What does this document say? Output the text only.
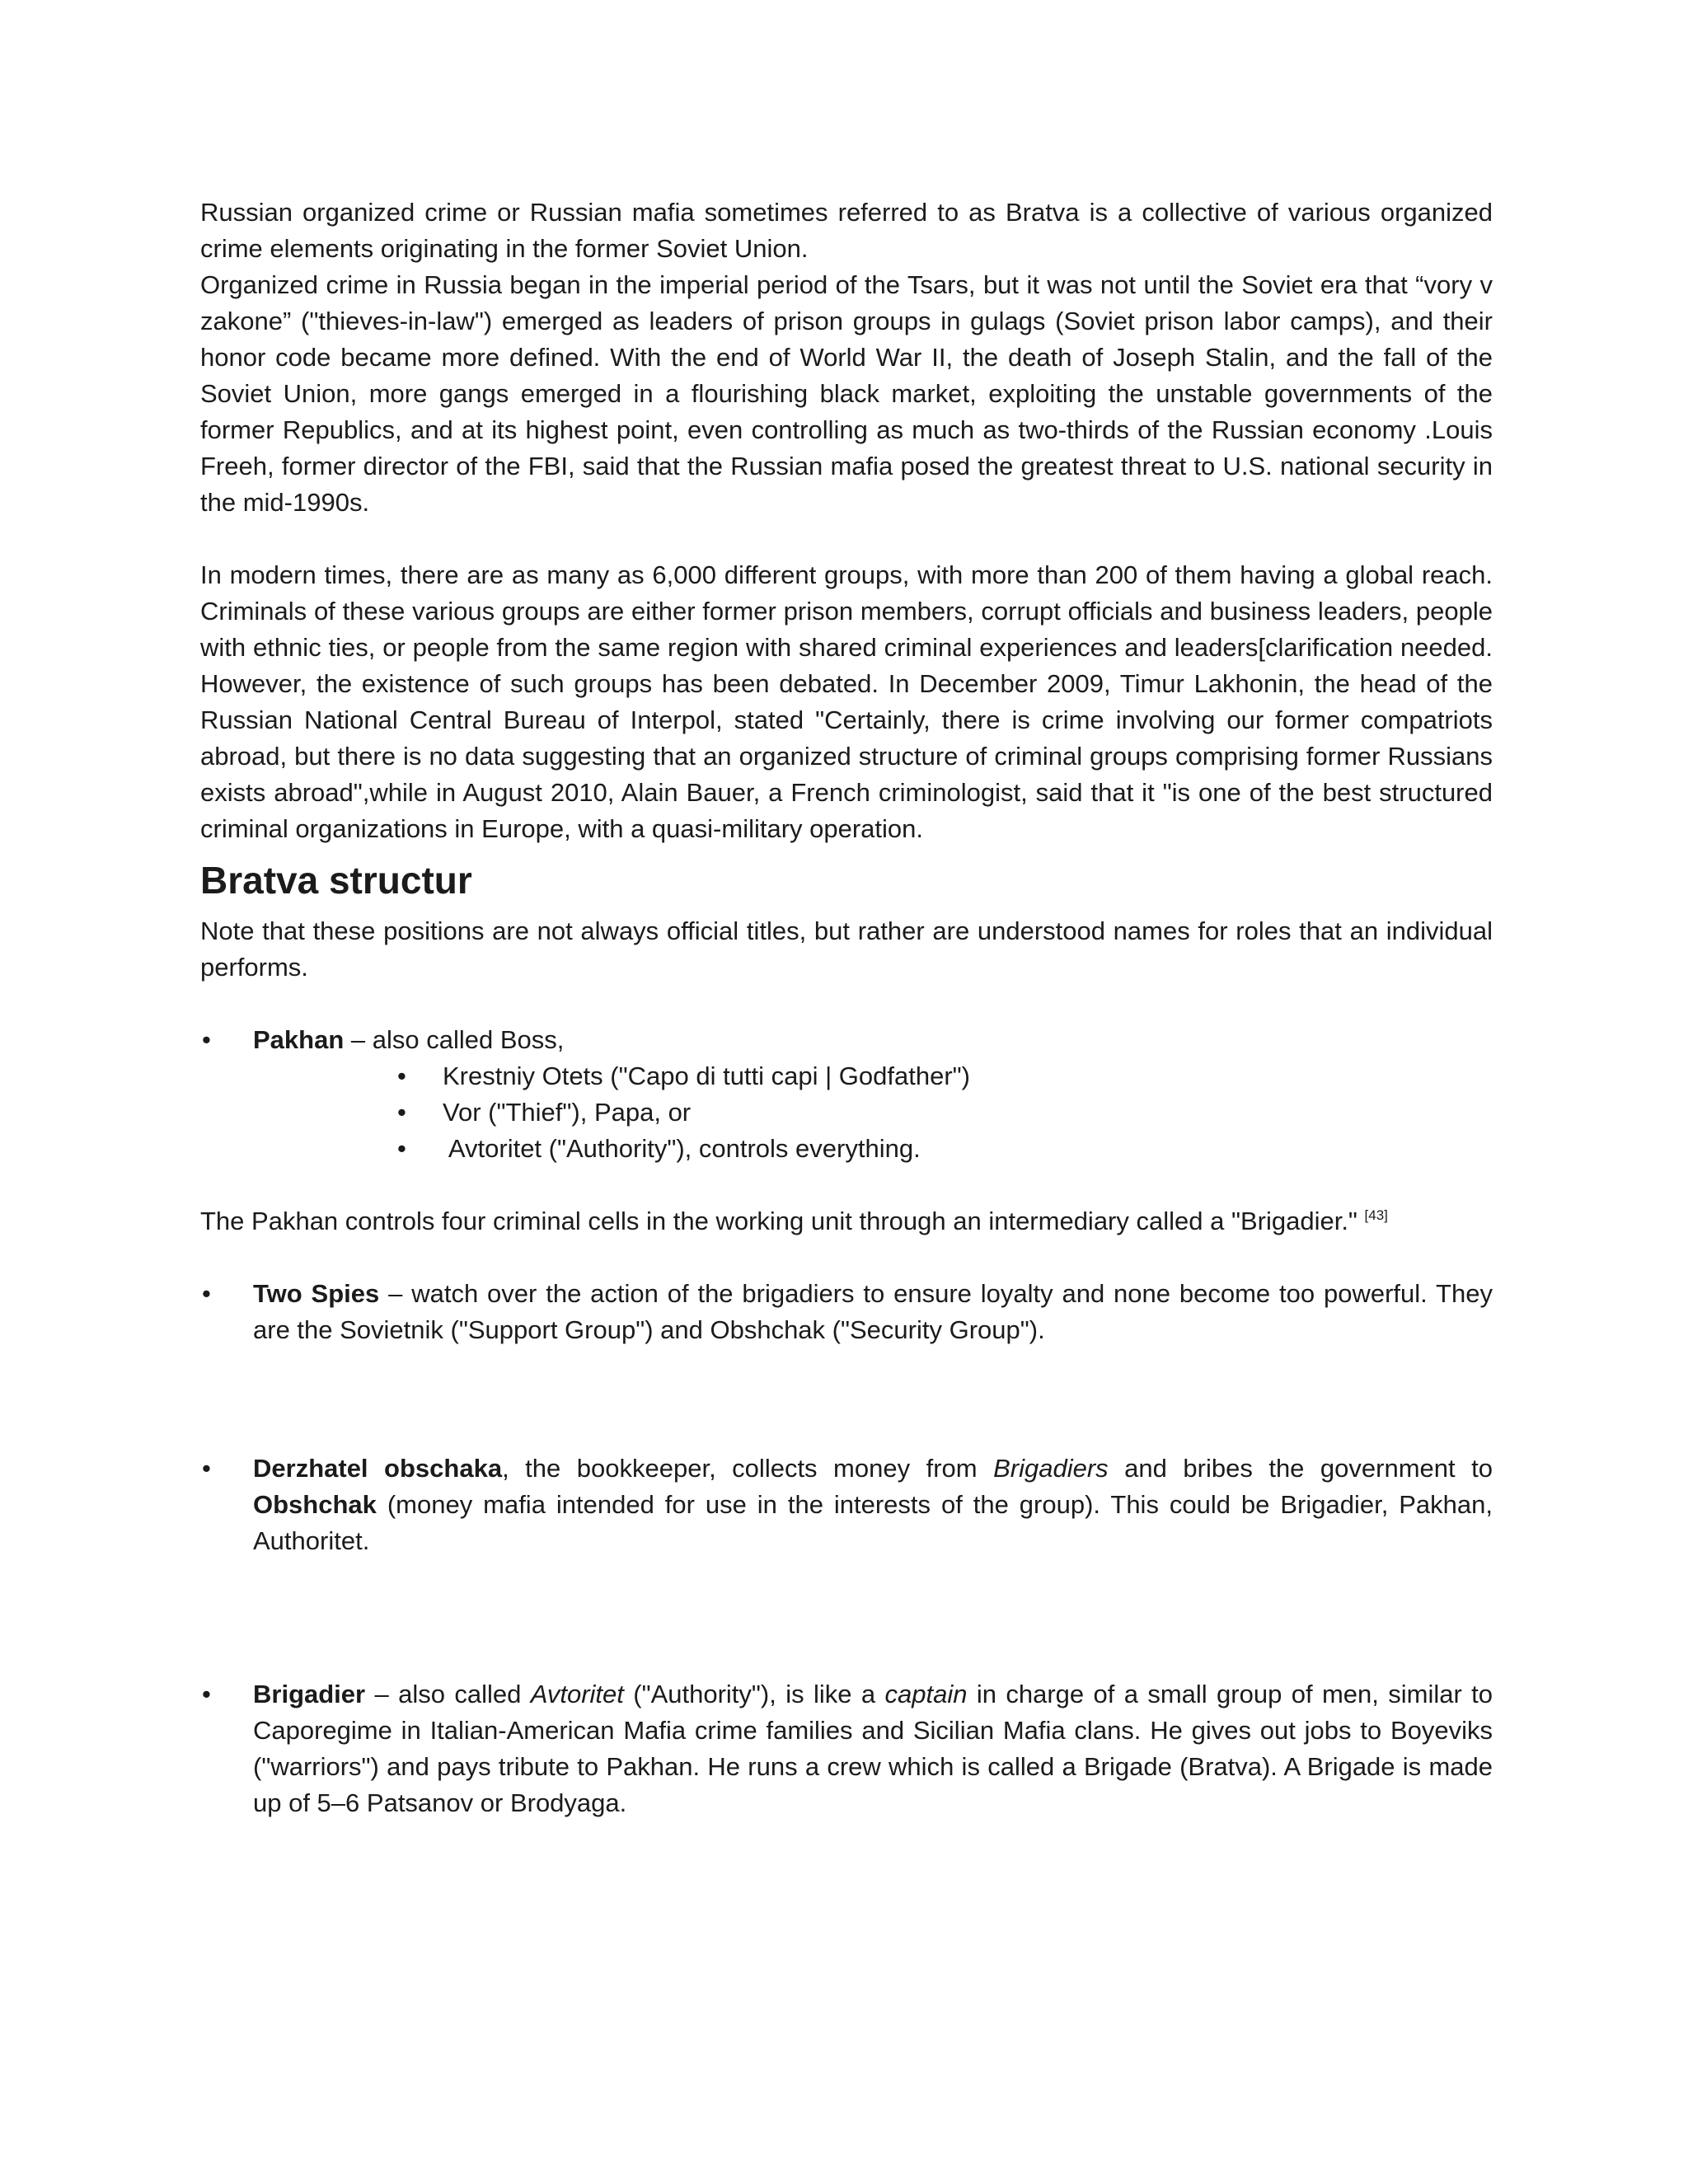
Russian organized crime or Russian mafia sometimes referred to as Bratva is a collective of various organized crime elements originating in the former Soviet Union.

Organized crime in Russia began in the imperial period of the Tsars, but it was not until the Soviet era that “vory v zakone” ("thieves-in-law") emerged as leaders of prison groups in gulags (Soviet prison labor camps), and their honor code became more defined. With the end of World War II, the death of Joseph Stalin, and the fall of the Soviet Union, more gangs emerged in a flourishing black market, exploiting the unstable governments of the former Republics, and at its highest point, even controlling as much as two-thirds of the Russian economy .Louis Freeh, former director of the FBI, said that the Russian mafia posed the greatest threat to U.S. national security in the mid-1990s.

In modern times, there are as many as 6,000 different groups, with more than 200 of them having a global reach. Criminals of these various groups are either former prison members, corrupt officials and business leaders, people with ethnic ties, or people from the same region with shared criminal experiences and leaders[clarification needed. However, the existence of such groups has been debated. In December 2009, Timur Lakhonin, the head of the Russian National Central Bureau of Interpol, stated "Certainly, there is crime involving our former compatriots abroad, but there is no data suggesting that an organized structure of criminal groups comprising former Russians exists abroad",while in August 2010, Alain Bauer, a French criminologist, said that it "is one of the best structured criminal organizations in Europe, with a quasi-military operation.

Bratva structur

Note that these positions are not always official titles, but rather are understood names for roles that an individual performs.

•	Pakhan – also called Boss,
• Krestniy Otets ("Capo di tutti capi | Godfather")
• Vor ("Thief"), Papa, or
• Avtoritet ("Authority"), controls everything.

The Pakhan controls four criminal cells in the working unit through an intermediary called a "Brigadier." [43]

•	Two Spies – watch over the action of the brigadiers to ensure loyalty and none become too powerful. They are the Sovietnik ("Support Group") and Obshchak ("Security Group").
•	Derzhatel obschaka, the bookkeeper, collects money from Brigadiers and bribes the government to Obshchak (money mafia intended for use in the interests of the group). This could be Brigadier, Pakhan, Authoritet.
•	Brigadier – also called Avtoritet ("Authority"), is like a captain in charge of a small group of men, similar to Caporegime in Italian-American Mafia crime families and Sicilian Mafia clans. He gives out jobs to Boyeviks ("warriors") and pays tribute to Pakhan. He runs a crew which is called a Brigade (Bratva). A Brigade is made up of 5–6 Patsanov or Brodyaga.
